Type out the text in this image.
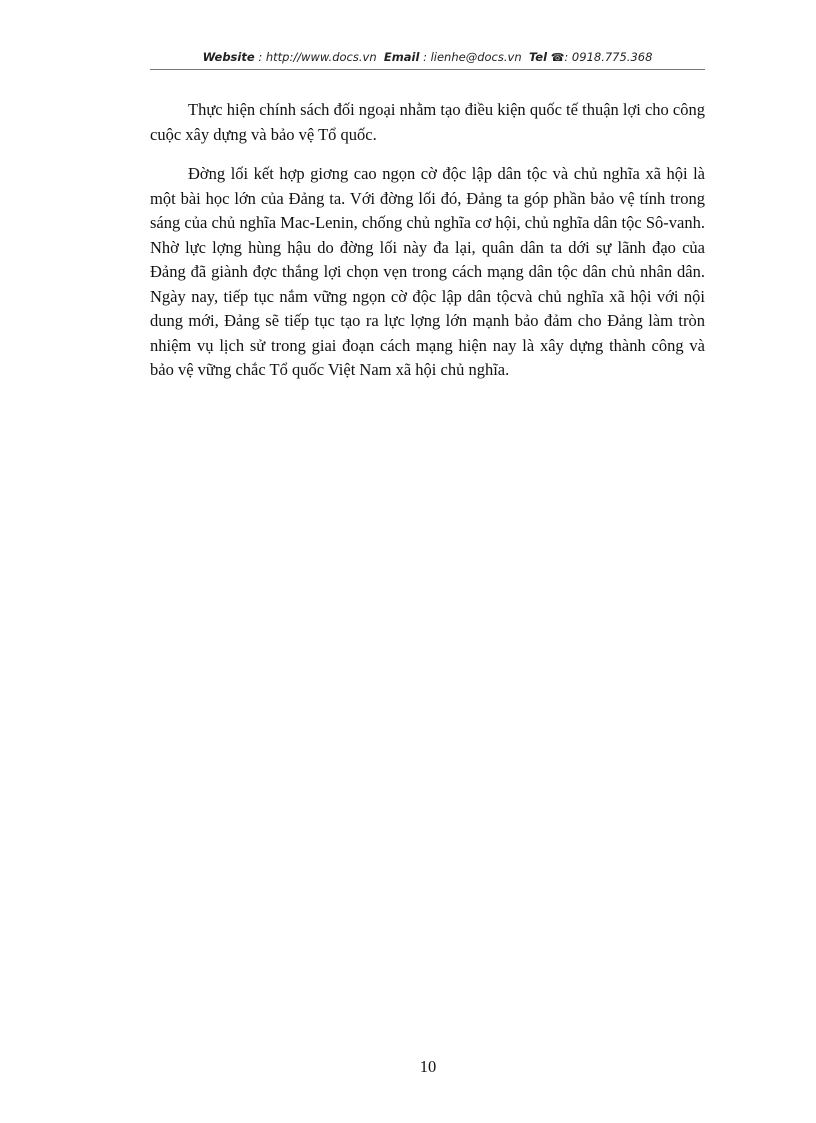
Website : http://www.docs.vn Email : lienhe@docs.vn Tel ☎: 0918.775.368

Thực hiện chính sách đối ngoại nhằm tạo điều kiện quốc tế thuận lợi cho công cuộc xây dựng và bảo vệ Tổ quốc.

Đờng lối kết hợp giơng cao ngọn cờ độc lập dân tộc và chủ nghĩa xã hội là một bài học lớn của Đảng ta. Với đờng lối đó, Đảng ta góp phần bảo vệ tính trong sáng của chủ nghĩa Mac-Lenin, chống chủ nghĩa cơ hội, chủ nghĩa dân tộc Sô-vanh. Nhờ lực lợng hùng hậu do đờng lối này đa lại, quân dân ta dới sự lãnh đạo của Đảng đã giành đợc thắng lợi chọn vẹn trong cách mạng dân tộc dân chủ nhân dân. Ngày nay, tiếp tục nắm vững ngọn cờ độc lập dân tộcvà chủ nghĩa xã hội với nội dung mới, Đảng sẽ tiếp tục tạo ra lực lợng lớn mạnh bảo đảm cho Đảng làm tròn nhiệm vụ lịch sử trong giai đoạn cách mạng hiện nay là xây dựng thành công và bảo vệ vững chắc Tổ quốc Việt Nam xã hội chủ nghĩa.

10
